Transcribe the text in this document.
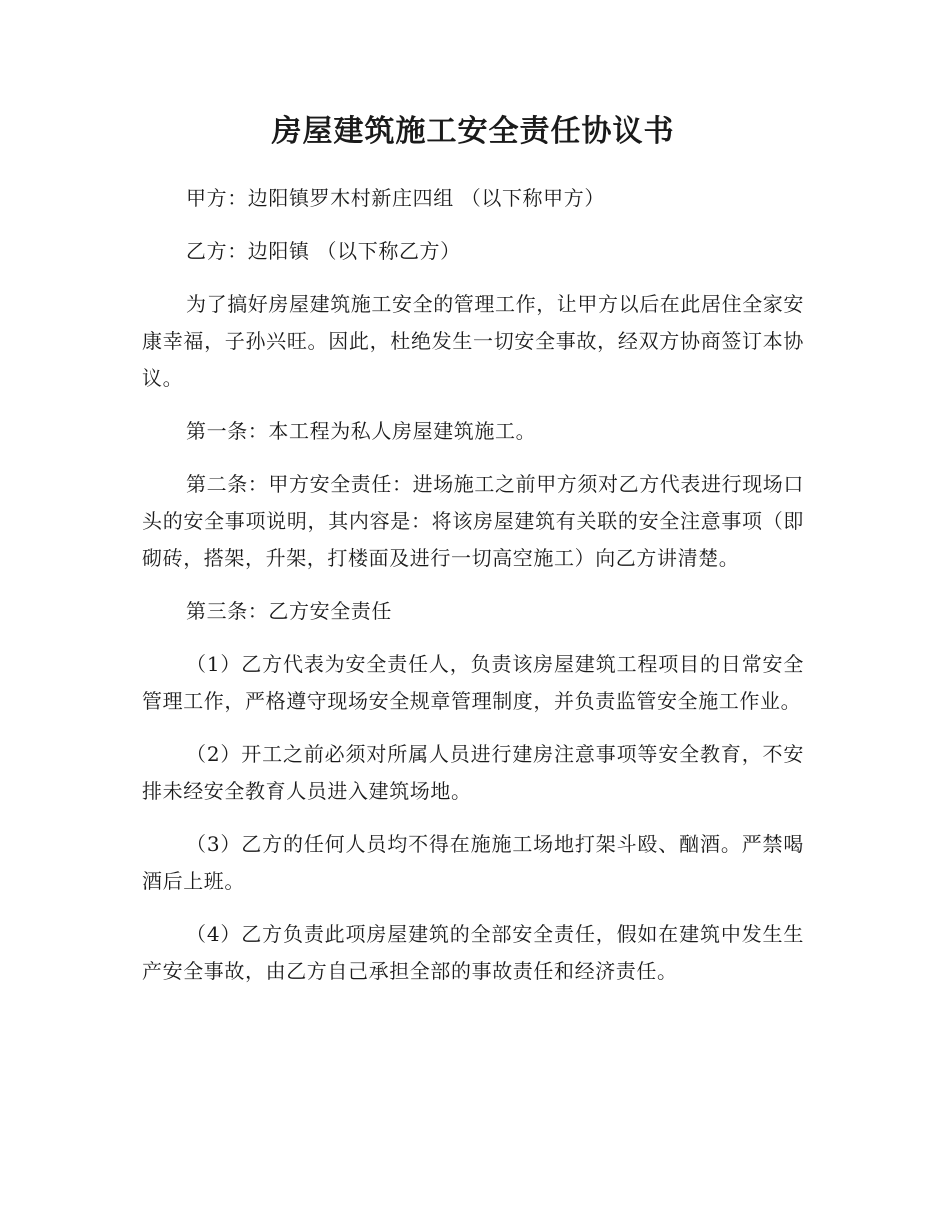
房屋建筑施工安全责任协议书

甲方：边阳镇罗木村新庄四组 （以下称甲方）

乙方：边阳镇 （以下称乙方）

为了搞好房屋建筑施工安全的管理工作，让甲方以后在此居住全家安康幸福，子孙兴旺。因此，杜绝发生一切安全事故，经双方协商签订本协议。

第一条：本工程为私人房屋建筑施工。

第二条：甲方安全责任：进场施工之前甲方须对乙方代表进行现场口头的安全事项说明，其内容是：将该房屋建筑有关联的安全注意事项（即砌砖，搭架，升架，打楼面及进行一切高空施工）向乙方讲清楚。

第三条：乙方安全责任

（1）乙方代表为安全责任人，负责该房屋建筑工程项目的日常安全管理工作，严格遵守现场安全规章管理制度，并负责监管安全施工作业。

（2）开工之前必须对所属人员进行建房注意事项等安全教育，不安排未经安全教育人员进入建筑场地。

（3）乙方的任何人员均不得在施施工场地打架斗殴、酗酒。严禁喝酒后上班。

（4）乙方负责此项房屋建筑的全部安全责任，假如在建筑中发生生产安全事故，由乙方自己承担全部的事故责任和经济责任。
